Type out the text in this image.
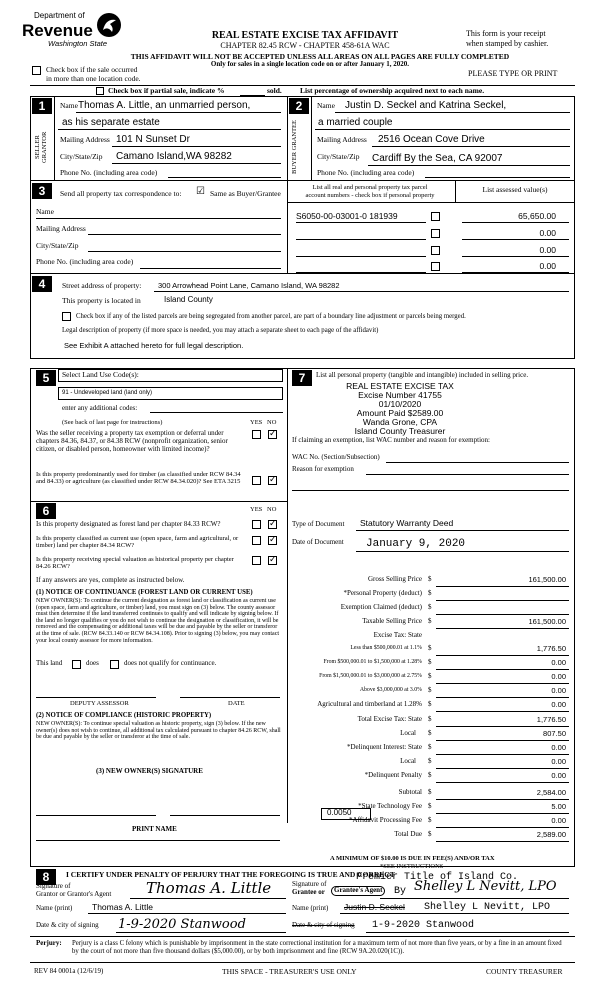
Department of
Revenue
Washington State
REAL ESTATE EXCISE TAX AFFIDAVIT
CHAPTER 82.45 RCW - CHAPTER 458-61A WAC
This form is your receipt
when stamped by cashier.
THIS AFFIDAVIT WILL NOT BE ACCEPTED UNLESS ALL AREAS ON ALL PAGES ARE FULLY COMPLETED
Only for sales in a single location code on or after January 1, 2020.
Check box if the sale occurred
in more than one location code.
PLEASE TYPE OR PRINT
Check box if partial sale, indicate %	sold. List percentage of ownership acquired next to each name.
1
SELLER GRANTOR
Name Thomas A. Little, an unmarried person,
as his separate estate
Mailing Address 101 N Sunset Dr
City/State/Zip Camano Island,WA 98282
Phone No. (including area code)
2
BUYER GRANTEE
Name Justin D. Seckel and Katrina Seckel,
a married couple
Mailing Address 2516 Ocean Cove Drive
City/State/Zip Cardiff By the Sea, CA 92007
Phone No. (including area code)
3	Send all property tax correspondence to: ☑ Same as Buyer/Grantee
List all real and personal property tax parcel
account numbers - check box if personal property
List assessed value(s)
Name
Mailing Address
City/State/Zip
Phone No. (including area code)
S6050-00-03001-0 181939	65,650.00
0.00
0.00
0.00
4	Street address of property: 300 Arrowhead Point Lane, Camano Island, WA 98282
This property is located in	Island County
Check box if any of the listed parcels are being segregated from another parcel, are part of a boundary line adjustment or parcels being merged.
Legal description of property (if more space is needed, you may attach a separate sheet to each page of the affidavit)
See Exhibit A attached hereto for full legal description.
5	Select Land Use Code(s):
91 - Undeveloped land (land only)
enter any additional codes:
(See back of last page for instructions)	YES NO
Was the seller receiving a property tax exemption or deferral under chapters 84.36, 84.37, or 84.38 RCW (nonprofit organization, senior citizen, or disabled person, homeowner with limited income)?
✓
Is this property predominantly used for timber (as classified under RCW 84.34 and 84.33) or agriculture (as classified under RCW 84.34.020)? See ETA 3215	✓
6	YES NO
Is this property designated as forest land per chapter 84.33 RCW?	✓
Is this property classified as current use (open space, farm and agricultural, or timber) land per chapter 84.34 RCW?
✓
Is this property receiving special valuation as historical property per chapter 84.26 RCW?
✓
If any answers are yes, complete as instructed below.
(1) NOTICE OF CONTINUANCE (FOREST LAND OR CURRENT USE)
NEW OWNER(S): To continue the current designation as forest land or classification as current use (open space, farm and agriculture, or timber) land, you must sign on (3) below. The county assessor must then determine if the land transferred continues to qualify and will indicate by signing below. If the land no longer qualifies or you do not wish to continue the designation or classification, it will be removed and the compensating or additional taxes will be due and payable by the seller or transferor at the time of sale. (RCW 84.33.140 or RCW 84.34.108). Prior to signing (3) below, you may contact your local county assessor for more information.
This land	does	does not qualify for continuance.
DEPUTY ASSESSOR	DATE
(2) NOTICE OF COMPLIANCE (HISTORIC PROPERTY)
NEW OWNER(S): To continue special valuation as historic property, sign (3) below. If the new owner(s) does not wish to continue, all additional tax calculated pursuant to chapter 84.26 RCW, shall be due and payable by the seller or transferor at the time of sale.
(3) NEW OWNER(S) SIGNATURE
PRINT NAME
7	List all personal property (tangible and intangible) included in selling price.
REAL ESTATE EXCISE TAX
Excise Number 41755
01/10/2020
Amount Paid $2589.00
Wanda Grone, CPA
Island County Treasurer
If claiming an exemption, list WAC number and reason for exemption:
WAC No. (Section/Subsection)
Reason for exemption
Type of Document Statutory Warranty Deed
Date of Document January 9, 2020
Gross Selling Price $	161,500.00
*Personal Property (deduct) $
Exemption Claimed (deduct) $
Taxable Selling Price $	161,500.00
Excise Tax: State
Less than $500,000.01 at 1.1% $	1,776.50
From $500,000.01 to $1,500,000 at 1.28% $	0.00
From $1,500,000.01 to $3,000,000 at 2.75% $	0.00
Above $3,000,000 at 3.0% $	0.00
Agricultural and timberland at 1.28% $	0.00
Total Excise Tax: State $	1,776.50
Local $	807.50
*Delinquent Interest: State $	0.00
Local $	0.00
*Delinquent Penalty $	0.00
Subtotal $	2,584.00
*State Technology Fee $	5.00
*Affidavit Processing Fee $	0.00
Total Due $	2,589.00
0.0050
A MINIMUM OF $10.00 IS DUE IN FEE(S) AND/OR TAX
*SEE INSTRUCTIONS
8	I CERTIFY UNDER PENALTY OF PERJURY THAT THE FOREGOING IS TRUE AND CORRECT
Signature of
Grantor or Grantor's Agent Thomas A. Little
Name (print) Thomas A. Little
Date & city of signing 1-9-2020 Stanwood
Signature of
Grantee or	Grantee's Agent
Premier Title of Island Co.
By Shelley L Nevitt, LPO
Name (print) Justin D. Seckel Shelley L Nevitt, LPO
Date & city of signing 1-9-2020 Stanwood
Perjury: Perjury is a class C felony which is punishable by imprisonment in the state correctional institution for a maximum term of not more than five years, or by a fine in an amount fixed by the court of not more than five thousand dollars ($5,000.00), or by both imprisonment and fine (RCW 9A.20.020(1C)).
REV 84 0001a (12/6/19)	THIS SPACE - TREASURER'S USE ONLY	COUNTY TREASURER
